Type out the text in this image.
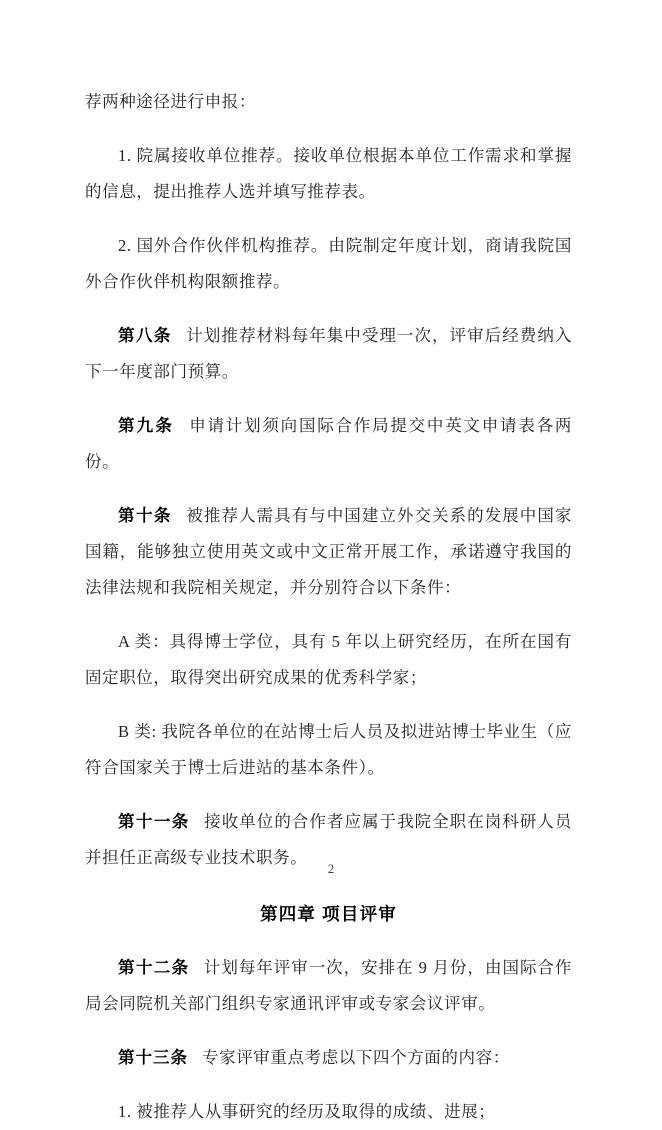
荐两种途径进行申报：

1. 院属接收单位推荐。接收单位根据本单位工作需求和掌握的信息，提出推荐人选并填写推荐表。

2. 国外合作伙伴机构推荐。由院制定年度计划，商请我院国外合作伙伴机构限额推荐。

第八条 计划推荐材料每年集中受理一次，评审后经费纳入下一年度部门预算。

第九条 申请计划须向国际合作局提交中英文申请表各两份。

第十条 被推荐人需具有与中国建立外交关系的发展中国家国籍，能够独立使用英文或中文正常开展工作，承诺遵守我国的法律法规和我院相关规定，并分别符合以下条件：

A 类：具得博士学位，具有 5 年以上研究经历，在所在国有固定职位，取得突出研究成果的优秀科学家；

B 类: 我院各单位的在站博士后人员及拟进站博士毕业生（应符合国家关于博士后进站的基本条件）。

第十一条 接收单位的合作者应属于我院全职在岗科研人员并担任正高级专业技术职务。

第四章 项目评审

第十二条 计划每年评审一次，安排在 9 月份，由国际合作局会同院机关部门组织专家通讯评审或专家会议评审。

第十三条 专家评审重点考虑以下四个方面的内容：

1. 被推荐人从事研究的经历及取得的成绩、进展；

2
